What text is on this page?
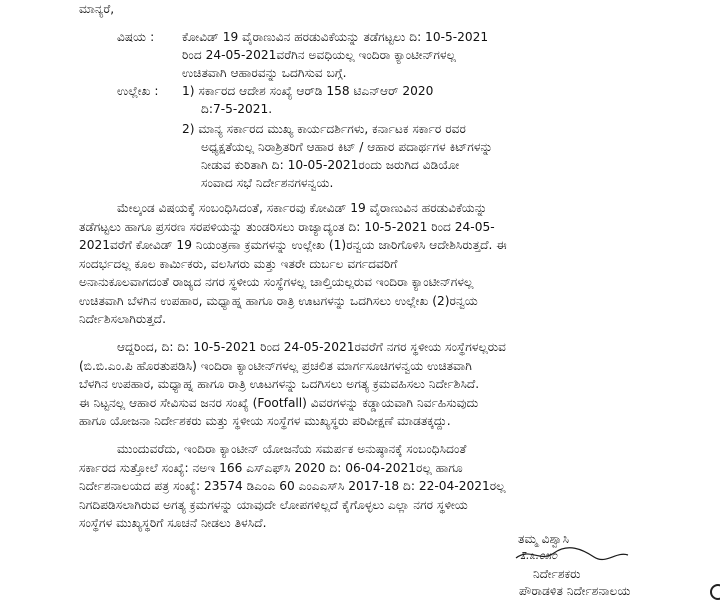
ಮಾನ್ಯರೆ,
ವಿಷಯ : ಕೋವಿಡ್ 19 ವೈರಾಣುವಿನ ಹರಡುವಿಕೆಯನ್ನು ತಡೆಗಟ್ಟಲು ದಿ: 10-5-2021
ರಿಂದ 24-05-2021ವರೆಗಿನ ಅವಧಿಯಲ್ಲ ಇಂದಿರಾ ಕ್ಯಾಂಟೀನ್‌ಗಳಲ್ಲ
ಉಚಿತವಾಗಿ ಆಹಾರವನ್ನು ಒದಗಿಸುವ ಬಗ್ಗೆ.
ಉಲ್ಲೇಖ : 1) ಸರ್ಕಾರದ ಆದೇಶ ಸಂಖ್ಯೆ ಆರ್‌ಡಿ 158 ಟಿಎನ್‌ಆರ್ 2020
ದಿ:7-5-2021.
2) ಮಾನ್ಯ ಸರ್ಕಾರದ ಮುಖ್ಯ ಕಾರ್ಯದರ್ಶಿಗಳು, ಕರ್ನಾಟಕ ಸರ್ಕಾರ ರವರ
ಅಧ್ಯಕ್ಷತೆಯಲ್ಲ ನಿರಾಶ್ರಿತರಿಗೆ ಆಹಾರ ಕಿಟ್ / ಆಹಾರ ಪದಾರ್ಥಗಳ ಕಿಟ್‌ಗಳನ್ನು
ನೀಡುವ ಕುರಿತಾಗಿ ದಿ: 10-05-2021ರಂದು ಜರುಗಿದ ವಿಡಿಯೋ
ಸಂವಾದ ಸಭೆ ನಿರ್ದೇಶನಗಳನ್ವಯ.
ಮೇಲ್ಕಂಡ ವಿಷಯಕ್ಕೆ ಸಂಬಂಧಿಸಿದಂತೆ, ಸರ್ಕಾರವು ಕೋವಿಡ್ 19 ವೈರಾಣುವಿನ ಹರಡುವಿಕೆಯನ್ನು
ತಡೆಗಟ್ಟಲು ಹಾಗೂ ಪ್ರಸರಣ ಸರಪಳಿಯನ್ನು ತುಂಡರಿಸಲು ರಾಜ್ಯಾದ್ಯಂತ ದಿ: 10-5-2021 ರಿಂದ 24-05-
2021ವರೆಗೆ ಕೋವಿಡ್ 19 ನಿಯಂತ್ರಣಾ ಕ್ರಮಗಳನ್ನು ಉಲ್ಲೇಖ (1)ರನ್ವಯ ಜಾರಿಗೊಳಿಸಿ ಆದೇಶಿಸಿರುತ್ತದೆ. ಈ
ಸಂದರ್ಭದಲ್ಲ ಕೂಲ ಕಾರ್ಮಿಕರು, ವಲಸಿಗರು ಮತ್ತು ಇತರೇ ದುರ್ಬಲ ವರ್ಗದವರಿಗೆ
ಅನಾನುಕೂಲವಾಗದಂತೆ ರಾಜ್ಯದ ನಗರ ಸ್ಥಳೀಯ ಸಂಸ್ಥೆಗಳಲ್ಲ ಚಾಲ್ತಿಯಲ್ಲರುವ ಇಂದಿರಾ ಕ್ಯಾಂಟೀನ್‌ಗಳಲ್ಲ
ಉಚಿತವಾಗಿ ಬೆಳಗಿನ ಉಪಹಾರ, ಮಧ್ಯಾಹ್ನ ಹಾಗೂ ರಾತ್ರಿ ಊಟಗಳನ್ನು ಒದಗಿಸಲು ಉಲ್ಲೇಖ (2)ರನ್ವಯ
ನಿರ್ದೇಶಿಸಲಾಗಿರುತ್ತದೆ.
ಆದ್ದರಿಂದ, ದಿ: ದಿ: 10-5-2021 ರಿಂದ 24-05-2021ರವರೆಗೆ ನಗರ ಸ್ಥಳೀಯ ಸಂಸ್ಥೆಗಳಲ್ಲರುವ
(ಬಿ.ಬಿ.ಎಂ.ಪಿ ಹೊರತುಪಡಿಸಿ) ಇಂದಿರಾ ಕ್ಯಾಂಟೀನ್‌ಗಳಲ್ಲ ಪ್ರಚಲಿತ ಮಾರ್ಗಸೂಚಿಗಳನ್ವಯ ಉಚಿತವಾಗಿ
ಬೆಳಗಿನ ಉಪಹಾರ, ಮಧ್ಯಾಹ್ನ ಹಾಗೂ ರಾತ್ರಿ ಊಟಗಳನ್ನು ಒದಗಿಸಲು ಅಗತ್ಯ ಕ್ರಮವಹಿಸಲು ನಿರ್ದೇಶಿಸಿದೆ.
ಈ ನಿಟ್ಟನಲ್ಲ ಆಹಾರ ಸೇವಿಸುವ ಜನರ ಸಂಖ್ಯೆ (Footfall) ವಿವರಗಳನ್ನು ಕಡ್ಡಾಯವಾಗಿ ನಿರ್ವಹಿಸುವುದು
ಹಾಗೂ ಯೋಜನಾ ನಿರ್ದೇಶಕರು ಮತ್ತು ಸ್ಥಳೀಯ ಸಂಸ್ಥೆಗಳ ಮುಖ್ಯಸ್ಥರು ಪರಿವೀಕ್ಷಣೆ ಮಾಡತಕ್ಕದ್ದು.
ಮುಂದುವರೆದು, ಇಂದಿರಾ ಕ್ಯಾಂಟೀನ್ ಯೋಜನೆಯ ಸಮರ್ಪಕ ಅನುಷ್ಠಾನಕ್ಕೆ ಸಂಬಂಧಿಸಿದಂತೆ
ಸರ್ಕಾರದ ಸುತ್ತೋಲೆ ಸಂಖ್ಯೆ: ನಅಇ 166 ಎಸ್‌ಎಫ್‌ಸಿ 2020 ದಿ: 06-04-2021ರಲ್ಲ ಹಾಗೂ
ನಿರ್ದೇಶನಾಲಯದ ಪತ್ರ ಸಂಖ್ಯೆ: 23574 ಡಿಎಂಎ 60 ಎಂಎಎಸ್‌ಸಿ 2017-18 ದಿ: 22-04-2021ರಲ್ಲ
ನಿಗದಿಪಡಿಸಲಾಗಿರುವ ಅಗತ್ಯ ಕ್ರಮಗಳನ್ನು ಯಾವುದೇ ಲೋಪಗಳಿಲ್ಲದೆ ಕೈಗೊಳ್ಳಲು ಎಲ್ಲಾ ನಗರ ಸ್ಥಳೀಯ
ಸಂಸ್ಥೆಗಳ ಮುಖ್ಯಸ್ಥರಿಗೆ ಸೂಚನೆ ನೀಡಲು ತಿಳಸಿದೆ.
ತಮ್ಮ ವಿಶ್ವಾಸಿ
ೱ.೩.೦೫೦
ನಿರ್ದೇಶಕರು
ಪೌರಾಡಳಿತ ನಿರ್ದೇಶನಾಲಯ
